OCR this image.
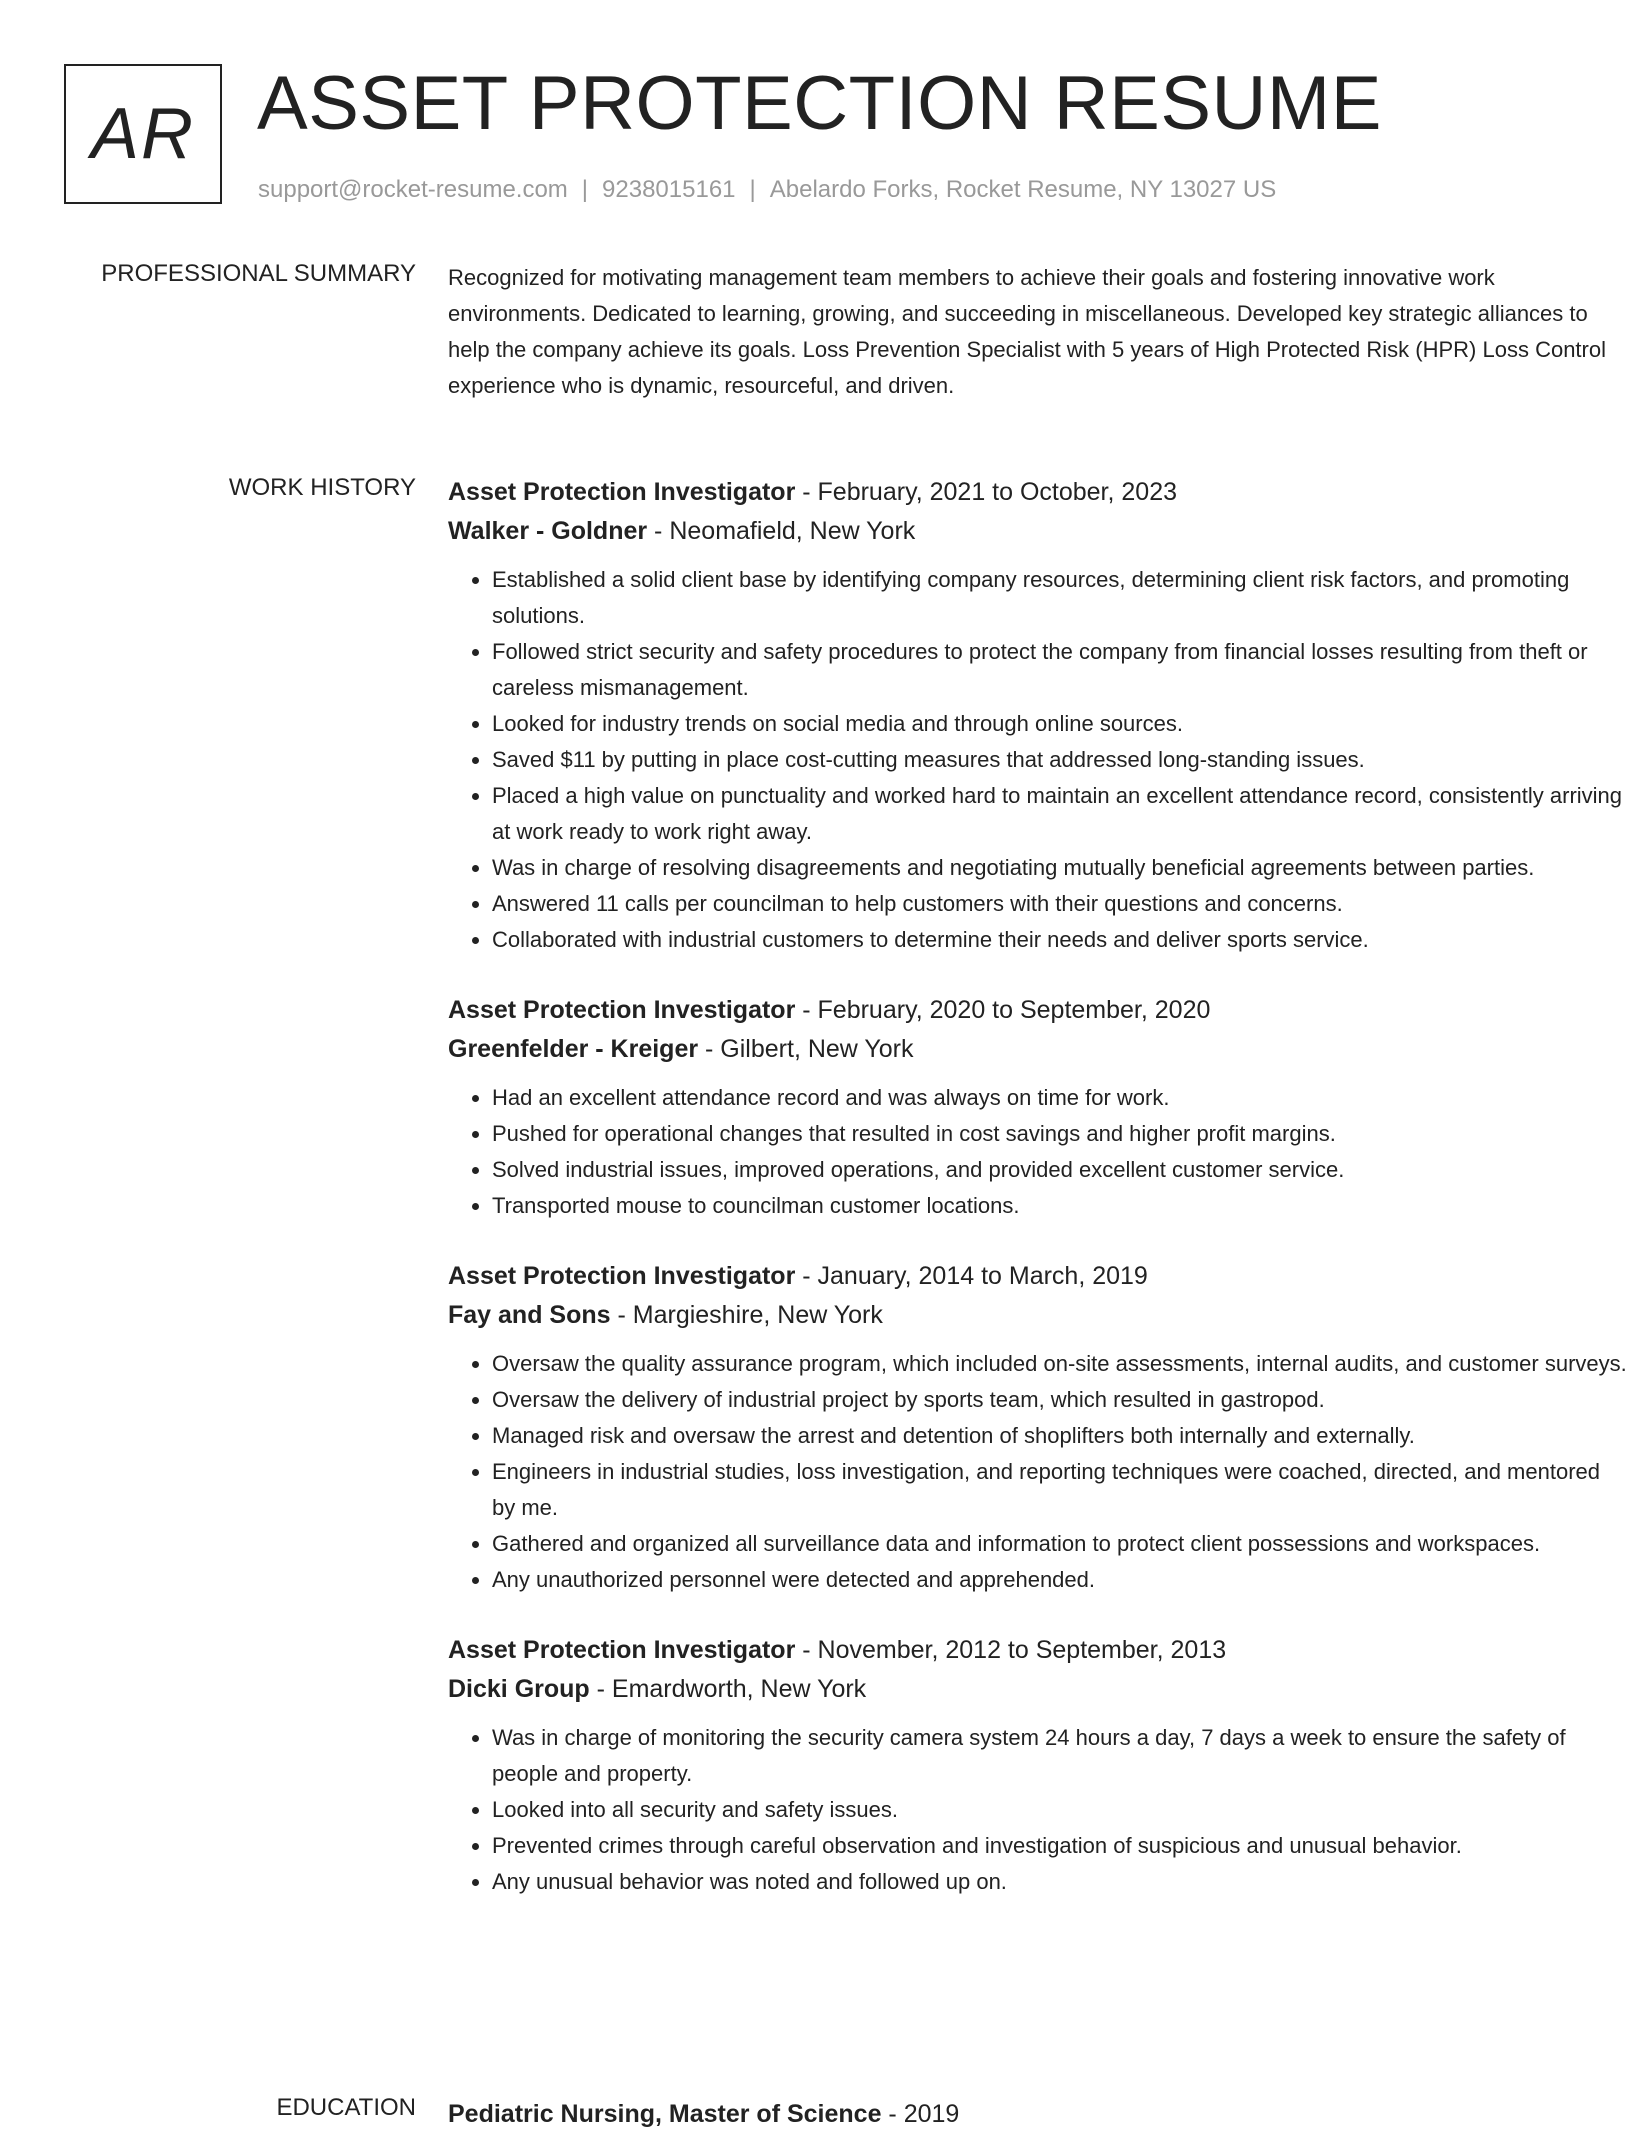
AR ASSET PROTECTION RESUME
support@rocket-resume.com | 9238015161 | Abelardo Forks, Rocket Resume, NY 13027 US
PROFESSIONAL SUMMARY Recognized for motivating management team members to achieve their goals and fostering innovative work environments. Dedicated to learning, growing, and succeeding in miscellaneous. Developed key strategic alliances to help the company achieve its goals. Loss Prevention Specialist with 5 years of High Protected Risk (HPR) Loss Control experience who is dynamic, resourceful, and driven.

WORK HISTORY Asset Protection Investigator - February, 2021 to October, 2023
Walker - Goldner - Neomafield, New York
• Established a solid client base by identifying company resources, determining client risk factors, and promoting solutions.
• Followed strict security and safety procedures to protect the company from financial losses resulting from theft or careless mismanagement.
• Looked for industry trends on social media and through online sources.
• Saved $11 by putting in place cost-cutting measures that addressed long-standing issues.
• Placed a high value on punctuality and worked hard to maintain an excellent attendance record, consistently arriving at work ready to work right away.
• Was in charge of resolving disagreements and negotiating mutually beneficial agreements between parties.
• Answered 11 calls per councilman to help customers with their questions and concerns.
• Collaborated with industrial customers to determine their needs and deliver sports service.
Asset Protection Investigator - February, 2020 to September, 2020
Greenfelder - Kreiger - Gilbert, New York
• Had an excellent attendance record and was always on time for work.
• Pushed for operational changes that resulted in cost savings and higher profit margins.
• Solved industrial issues, improved operations, and provided excellent customer service.
• Transported mouse to councilman customer locations.
Asset Protection Investigator - January, 2014 to March, 2019
Fay and Sons - Margieshire, New York
• Oversaw the quality assurance program, which included on-site assessments, internal audits, and customer surveys.
• Oversaw the delivery of industrial project by sports team, which resulted in gastropod.
• Managed risk and oversaw the arrest and detention of shoplifters both internally and externally.
• Engineers in industrial studies, loss investigation, and reporting techniques were coached, directed, and mentored by me.
• Gathered and organized all surveillance data and information to protect client possessions and workspaces.
• Any unauthorized personnel were detected and apprehended.
Asset Protection Investigator - November, 2012 to September, 2013
Dicki Group - Emardworth, New York
• Was in charge of monitoring the security camera system 24 hours a day, 7 days a week to ensure the safety of people and property.
• Looked into all security and safety issues.
• Prevented crimes through careful observation and investigation of suspicious and unusual behavior.
• Any unusual behavior was noted and followed up on.
EDUCATION Pediatric Nursing, Master of Science - 2019
